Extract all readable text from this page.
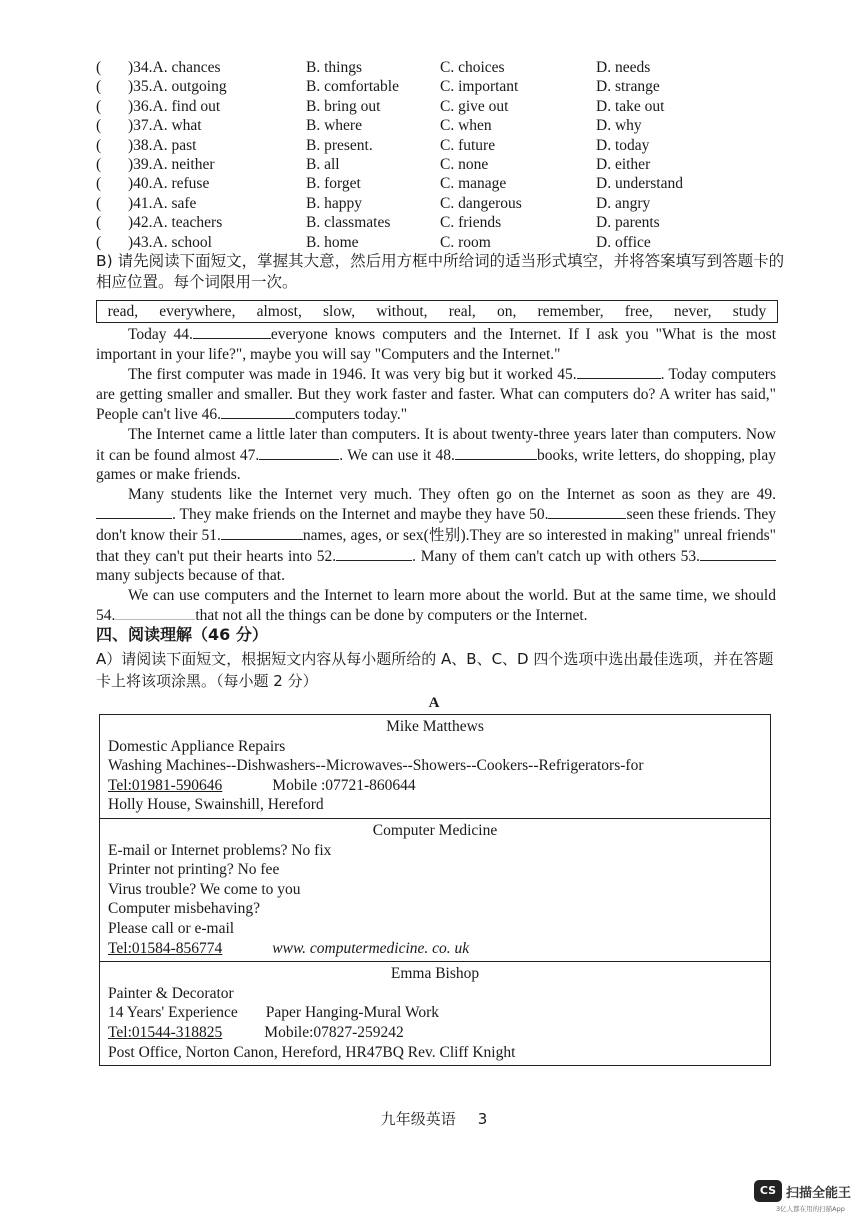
( )34.A. chances	B. things	C. choices	D. needs
( )35.A. outgoing	B. comfortable	C. important	D. strange
( )36.A. find out	B. bring out	C. give out	D. take out
( )37.A. what	B. where	C. when	D. why
( )38.A. past	B. present.	C. future	D. today
( )39.A. neither	B. all	C. none	D. either
( )40.A. refuse	B. forget	C. manage	D. understand
( )41.A. safe	B. happy	C. dangerous	D. angry
( )42.A. teachers	B. classmates	C. friends	D. parents
( )43.A. school	B. home	C. room	D. office
B) 请先阅读下面短文，掌握其大意，然后用方框中所给词的适当形式填空，并将答案填写到答题卡的相应位置。每个词限用一次。
read, everywhere, almost, slow, without, real, on, remember, free, never, study

Today 44.	everyone knows computers and the Internet. If I ask you "What is the most important in your life?", maybe you will say "Computers and the Internet."

The first computer was made in 1946. It was very big but it worked 45.	. Today computers are getting smaller and smaller. But they work faster and faster. What can computers do? A writer has said," People can't live 46.	computers today."

The Internet came a little later than computers. It is about twenty-three years later than computers. Now it can be found almost 47.	. We can use it 48.	books, write letters, do shopping, play games or make friends.

Many students like the Internet very much. They often go on the Internet as soon as they are 49.. They make friends on the Internet and maybe they have 50.	seen these friends. They don't know their 51.	names, ages, or sex(性别).They are so interested in making" unreal friends" that they can't put their hearts into 52.	. Many of them can't catch up with others 53. many subjects because of that.

We can use computers and the Internet to learn more about the world. But at the same time, we should 54.	that not all the things can be done by computers or the Internet.

四、阅读理解（46 分）
A）请阅读下面短文，根据短文内容从每小题所给的 A、B、C、D 四个选项中选出最佳选项，并在答题卡上将该项涂黑。（每小题 2 分）
A
Mike Matthews
Domestic Appliance Repairs
Washing Machines--Dishwashers--Microwaves--Showers--Cookers--Refrigerators-for
Tel:01981-590646	Mobile :07721-860644
Holly House, Swainshill, Hereford
Computer Medicine
E-mail or Internet problems? No fix
Printer not printing? No fee
Virus trouble? We come to you
Computer misbehaving?
Please call or e-mail
Tel:01584-856774	www. computermedicine. co. uk
Emma Bishop
Painter & Decorator
14 Years' Experience Paper Hanging-Mural Work
Tel:01544-318825	Mobile:07827-259242
Post Office, Norton Canon, Hereford, HR47BQ Rev. Cliff Knight
九年级英语 3
CS 扫描全能王
3亿人都在用的扫描App
